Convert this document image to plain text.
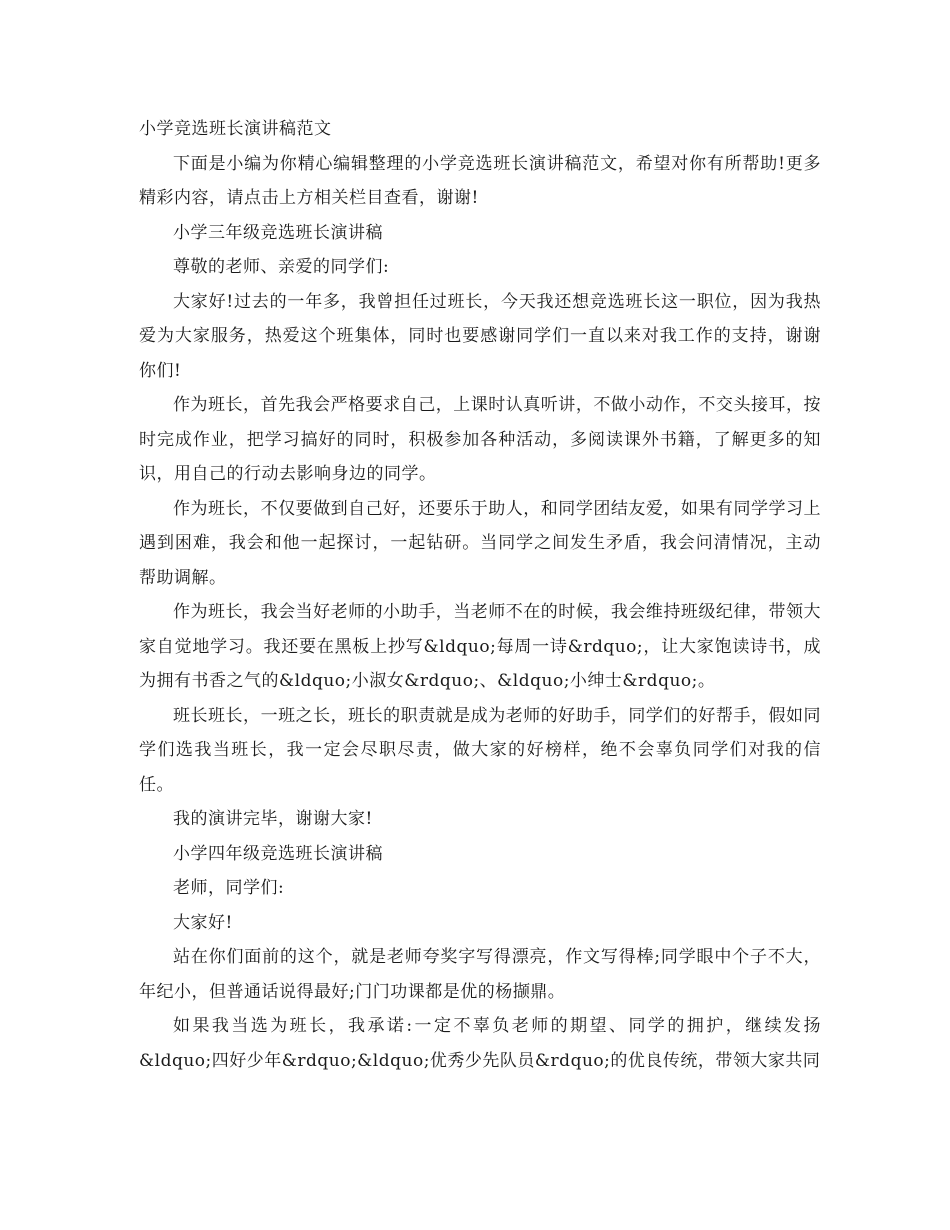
小学竞选班长演讲稿范文

下面是小编为你精心编辑整理的小学竞选班长演讲稿范文，希望对你有所帮助!更多精彩内容，请点击上方相关栏目查看，谢谢!

小学三年级竞选班长演讲稿

尊敬的老师、亲爱的同学们:

大家好!过去的一年多，我曾担任过班长，今天我还想竞选班长这一职位，因为我热爱为大家服务，热爱这个班集体，同时也要感谢同学们一直以来对我工作的支持，谢谢你们!

作为班长，首先我会严格要求自己，上课时认真听讲，不做小动作，不交头接耳，按时完成作业，把学习搞好的同时，积极参加各种活动，多阅读课外书籍，了解更多的知识，用自己的行动去影响身边的同学。

作为班长，不仅要做到自己好，还要乐于助人，和同学团结友爱，如果有同学学习上遇到困难，我会和他一起探讨，一起钻研。当同学之间发生矛盾，我会问清情况，主动帮助调解。

作为班长，我会当好老师的小助手，当老师不在的时候，我会维持班级纪律，带领大家自觉地学习。我还要在黑板上抄写&ldquo;每周一诗&rdquo;，让大家饱读诗书，成为拥有书香之气的&ldquo;小淑女&rdquo;、&ldquo;小绅士&rdquo;。

班长班长，一班之长，班长的职责就是成为老师的好助手，同学们的好帮手，假如同学们选我当班长，我一定会尽职尽责，做大家的好榜样，绝不会辜负同学们对我的信任。

我的演讲完毕，谢谢大家!

小学四年级竞选班长演讲稿

老师，同学们:

大家好!

站在你们面前的这个，就是老师夸奖字写得漂亮，作文写得棒;同学眼中个子不大，年纪小，但普通话说得最好;门门功课都是优的杨撷鼎。

如果我当选为班长，我承诺:一定不辜负老师的期望、同学的拥护，继续发扬&ldquo;四好少年&rdquo;&ldquo;优秀少先队员&rdquo;的优良传统，带领大家共同
